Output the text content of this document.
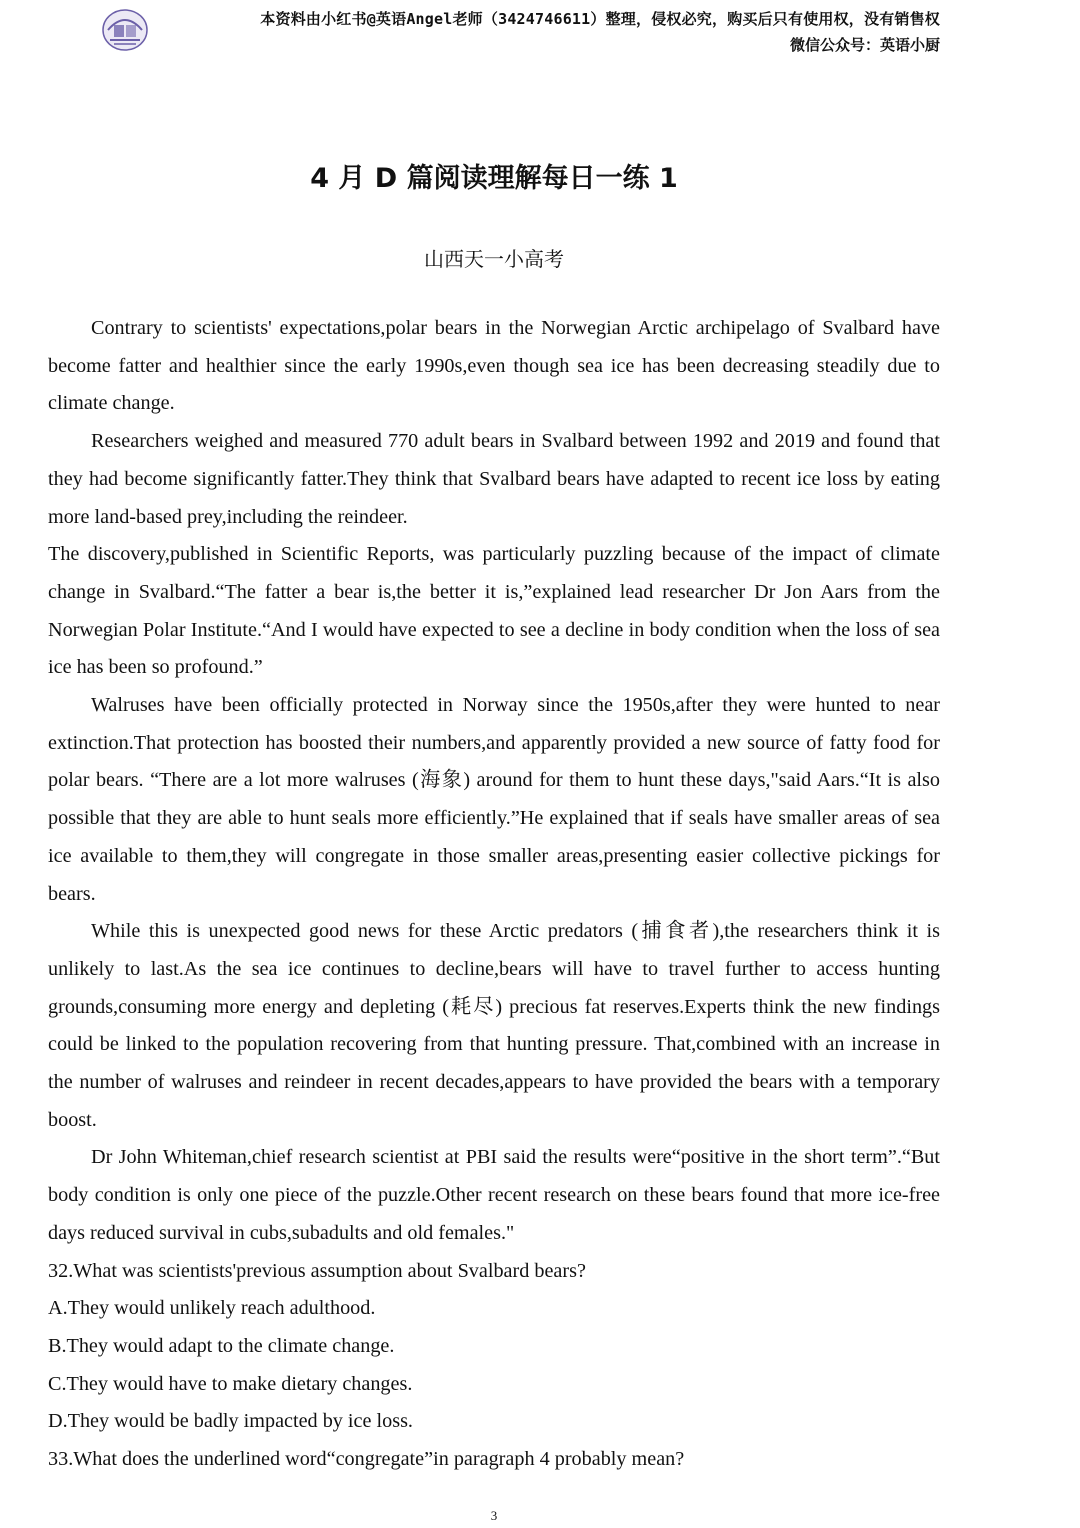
本资料由小红书@英语Angel老师（3424746611）整理，侵权必究，购买后只有使用权，没有销售权
微信公众号：英语小厨
4 月 D 篇阅读理解每日一练 1
山西天一小高考

Contrary to scientists' expectations,polar bears in the Norwegian Arctic archipelago of Svalbard have become fatter and healthier since the early 1990s,even though sea ice has been decreasing steadily due to climate change.

Researchers weighed and measured 770 adult bears in Svalbard between 1992 and 2019 and found that they had become significantly fatter.They think that Svalbard bears have adapted to recent ice loss by eating more land-based prey,including the reindeer.

The discovery,published in Scientific Reports, was particularly puzzling because of the impact of climate change in Svalbard.“The fatter a bear is,the better it is,”explained lead researcher Dr Jon Aars from the Norwegian Polar Institute.“And I would have expected to see a decline in body condition when the loss of sea ice has been so profound.”

Walruses have been officially protected in Norway since the 1950s,after they were hunted to near extinction.That protection has boosted their numbers,and apparently provided a new source of fatty food for polar bears. “There are a lot more walruses (海象) around for them to hunt these days,"said Aars.“It is also possible that they are able to hunt seals more efficiently.”He explained that if seals have smaller areas of sea ice available to them,they will congregate in those smaller areas,presenting easier collective pickings for bears.

While this is unexpected good news for these Arctic predators (捕食者),the researchers think it is unlikely to last.As the sea ice continues to decline,bears will have to travel further to access hunting grounds,consuming more energy and depleting (耗尽) precious fat reserves.Experts think the new findings could be linked to the population recovering from that hunting pressure. That,combined with an increase in the number of walruses and reindeer in recent decades,appears to have provided the bears with a temporary boost.

Dr John Whiteman,chief research scientist at PBI said the results were“positive in the short term”.“But body condition is only one piece of the puzzle.Other recent research on these bears found that more ice-free days reduced survival in cubs,subadults and old females."

32.What was scientists'previous assumption about Svalbard bears?

A.They would unlikely reach adulthood.

B.They would adapt to the climate change.

C.They would have to make dietary changes.

D.They would be badly impacted by ice loss.

33.What does the underlined word“congregate”in paragraph 4 probably mean?

3
